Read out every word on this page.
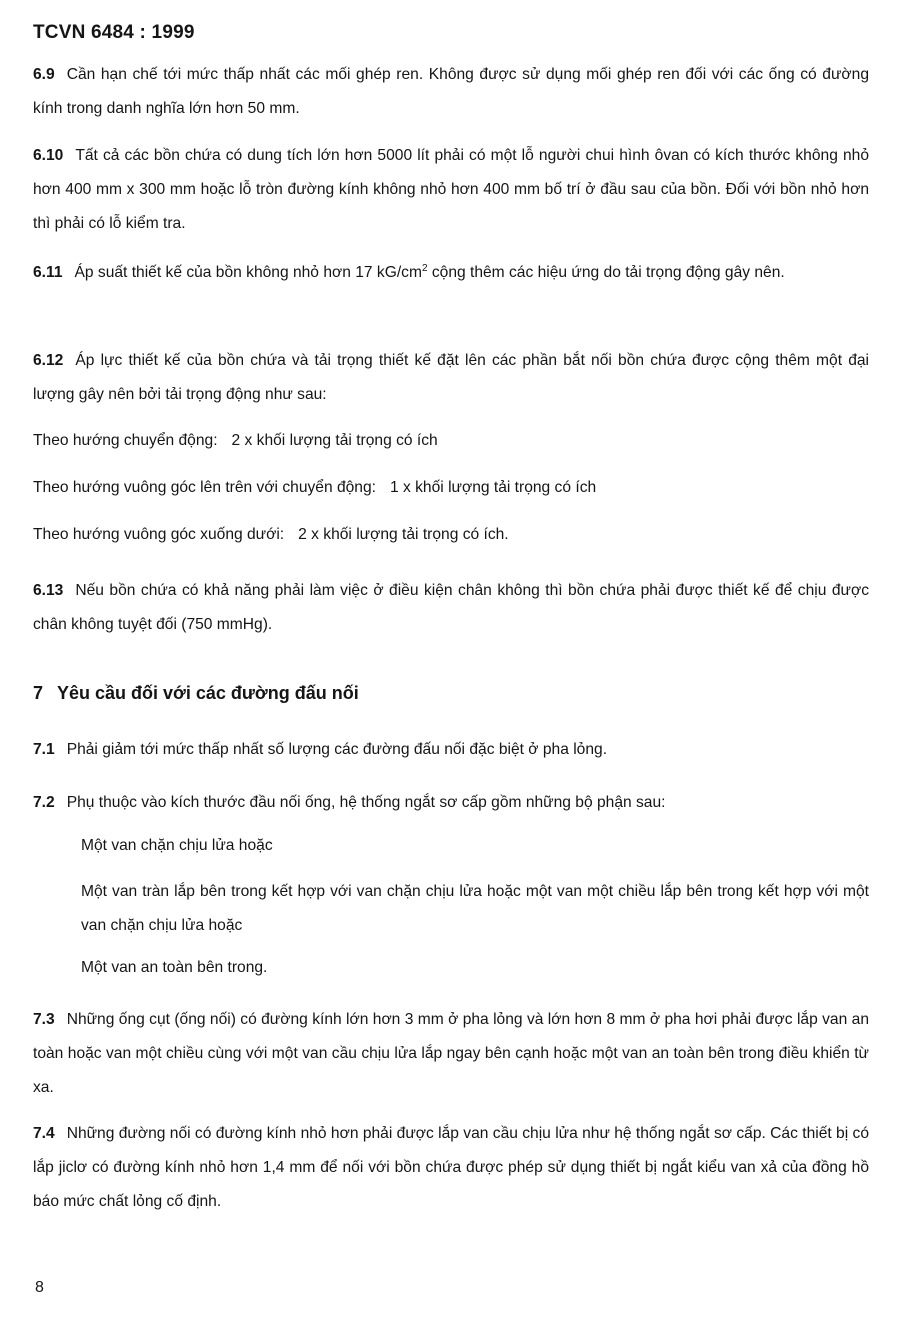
TCVN 6484 : 1999
6.9 Cần hạn chế tới mức thấp nhất các mối ghép ren. Không được sử dụng mối ghép ren đối với các ống có đường kính trong danh nghĩa lớn hơn 50 mm.
6.10 Tất cả các bồn chứa có dung tích lớn hơn 5000 lít phải có một lỗ người chui hình ôvan có kích thước không nhỏ hơn 400 mm x 300 mm hoặc lỗ tròn đường kính không nhỏ hơn 400 mm bố trí ở đầu sau của bồn. Đối với bồn nhỏ hơn thì phải có lỗ kiểm tra.
6.11 Áp suất thiết kế của bồn không nhỏ hơn 17 $kG/cm^2$ cộng thêm các hiệu ứng do tải trọng động gây nên.
6.12 Áp lực thiết kế của bồn chứa và tải trọng thiết kế đặt lên các phần bắt nối bồn chứa được cộng thêm một đại lượng gây nên bởi tải trọng động như sau:
Theo hướng chuyển động: 2 x khối lượng tải trọng có ích
Theo hướng vuông góc lên trên với chuyển động: 1 x khối lượng tải trọng có ích
Theo hướng vuông góc xuống dưới: 2 x khối lượng tải trọng có ích.
6.13 Nếu bồn chứa có khả năng phải làm việc ở điều kiện chân không thì bồn chứa phải được thiết kế để chịu được chân không tuyệt đối (750 mmHg).
7 Yêu cầu đối với các đường đấu nối
7.1 Phải giảm tới mức thấp nhất số lượng các đường đấu nối đặc biệt ở pha lỏng.
7.2 Phụ thuộc vào kích thước đầu nối ống, hệ thống ngắt sơ cấp gồm những bộ phận sau:
Một van chặn chịu lửa hoặc
Một van tràn lắp bên trong kết hợp với van chặn chịu lửa hoặc một van một chiều lắp bên trong kết hợp với một van chặn chịu lửa hoặc
Một van an toàn bên trong.
7.3 Những ống cụt (ống nối) có đường kính lớn hơn 3 mm ở pha lỏng và lớn hơn 8 mm ở pha hơi phải được lắp van an toàn hoặc van một chiều cùng với một van cầu chịu lửa lắp ngay bên cạnh hoặc một van an toàn bên trong điều khiển từ xa.
7.4 Những đường nối có đường kính nhỏ hơn phải được lắp van cầu chịu lửa như hệ thống ngắt sơ cấp. Các thiết bị có lắp jiclơ có đường kính nhỏ hơn 1,4 mm để nối với bồn chứa được phép sử dụng thiết bị ngắt kiểu van xả của đồng hồ báo mức chất lỏng cố định.
8
